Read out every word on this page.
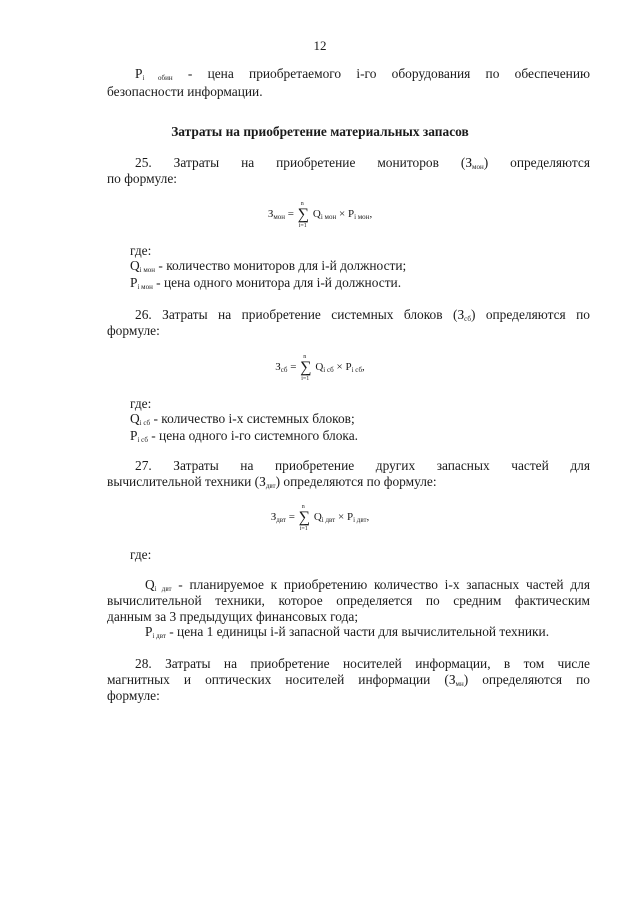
12
$P_{i обин}$ - цена приобретаемого i-го оборудования по обеспечению
безопасности информации.
Затраты на приобретение материальных запасов
25. Затраты на приобретение мониторов $(З_{мон})$ определяются
по формуле:
$З_{мон}$ = ∑
n
i=1
$Q_{i мон} \times P_{i мон}$,
где:
$Q_{i мон}$ - количество мониторов для i-й должности;
$P_{i мон}$ - цена одного монитора для i-й должности.
26. Затраты на приобретение системных блоков $(З_{сб})$ определяются по
формуле:
$З_{сб}$ = ∑
n
i=1
$Q_{i сб} \times P_{i сб}$,
где:
$Q_{i сб}$ - количество i-х системных блоков;
$P_{i сб}$ - цена одного i-го системного блока.
27. Затраты на приобретение других запасных частей для
вычислительной техники $(З_{двт})$ определяются по формуле:
$З_{двт}$ = ∑
n
i=1
$Q_{i двт} \times P_{i двт}$,
где:
$Q_{i двт}$ - планируемое к приобретению количество i-х запасных частей для
вычислительной техники, которое определяется по средним фактическим
данным за 3 предыдущих финансовых года;
$P_{i двт}$ - цена 1 единицы i-й запасной части для вычислительной техники.
28. Затраты на приобретение носителей информации, в том числе
магнитных и оптических носителей информации $(З_{мн})$ определяются по
формуле:
